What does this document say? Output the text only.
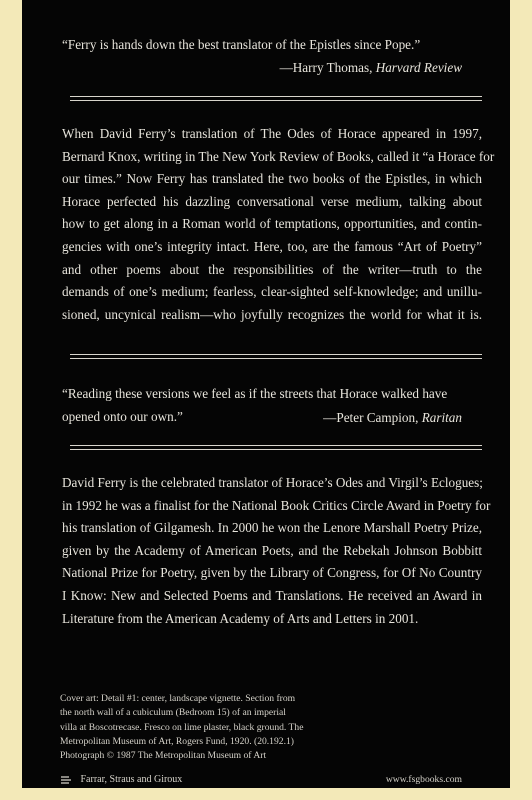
“Ferry is hands down the best translator of the Epistles since Pope.”
—Harry Thomas, Harvard Review
When David Ferry’s translation of The Odes of Horace appeared in 1997,
Bernard Knox, writing in The New York Review of Books, called it “a Horace for
our times.” Now Ferry has translated the two books of the Epistles, in which
Horace perfected his dazzling conversational verse medium, talking about
how to get along in a Roman world of temptations, opportunities, and contin-
gencies with one’s integrity intact. Here, too, are the famous “Art of Poetry”
and other poems about the responsibilities of the writer—truth to the
demands of one’s medium; fearless, clear-sighted self-knowledge; and unillu-
sioned, uncynical realism—who joyfully recognizes the world for what it is.
“Reading these versions we feel as if the streets that Horace walked have
opened onto our own.”	—Peter Campion, Raritan
David Ferry is the celebrated translator of Horace’s Odes and Virgil’s Eclogues;
in 1992 he was a finalist for the National Book Critics Circle Award in Poetry for
his translation of Gilgamesh. In 2000 he won the Lenore Marshall Poetry Prize,
given by the Academy of American Poets, and the Rebekah Johnson Bobbitt
National Prize for Poetry, given by the Library of Congress, for Of No Country
I Know: New and Selected Poems and Translations. He received an Award in
Literature from the American Academy of Arts and Letters in 2001.
Cover art: Detail #1: center, landscape vignette. Section from
the north wall of a cubiculum (Bedroom 15) of an imperial
villa at Boscotrecase. Fresco on lime plaster, black ground. The
Metropolitan Museum of Art, Rogers Fund, 1920. (20.192.1)
Photograph © 1987 The Metropolitan Museum of Art
Farrar, Straus and Giroux	www.fsgbooks.com
